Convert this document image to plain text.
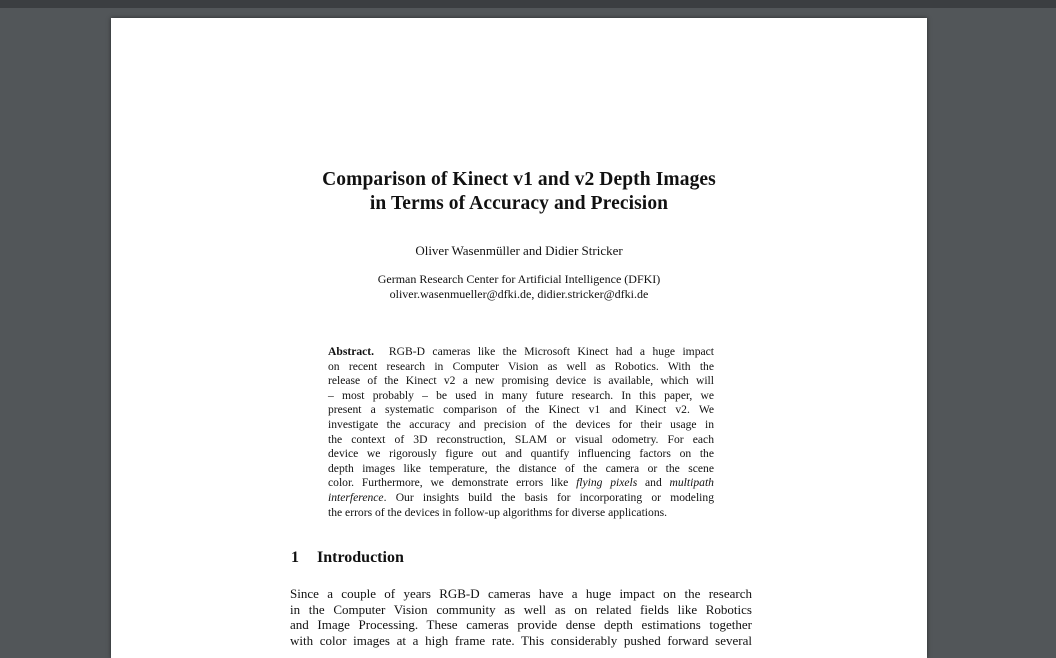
Comparison of Kinect v1 and v2 Depth Images
in Terms of Accuracy and Precision
Oliver Wasenmüller and Didier Stricker
German Research Center for Artificial Intelligence (DFKI)
oliver.wasenmueller@dfki.de, didier.stricker@dfki.de
Abstract. RGB-D cameras like the Microsoft Kinect had a huge impact
on recent research in Computer Vision as well as Robotics. With the
release of the Kinect v2 a new promising device is available, which will
– most probably – be used in many future research. In this paper, we
present a systematic comparison of the Kinect v1 and Kinect v2. We
investigate the accuracy and precision of the devices for their usage in
the context of 3D reconstruction, SLAM or visual odometry. For each
device we rigorously figure out and quantify influencing factors on the
depth images like temperature, the distance of the camera or the scene
color. Furthermore, we demonstrate errors like flying pixels and multipath
interference. Our insights build the basis for incorporating or modeling
the errors of the devices in follow-up algorithms for diverse applications.
1 Introduction
Since a couple of years RGB-D cameras have a huge impact on the research
in the Computer Vision community as well as on related fields like Robotics
and Image Processing. These cameras provide dense depth estimations together
with color images at a high frame rate. This considerably pushed forward several
